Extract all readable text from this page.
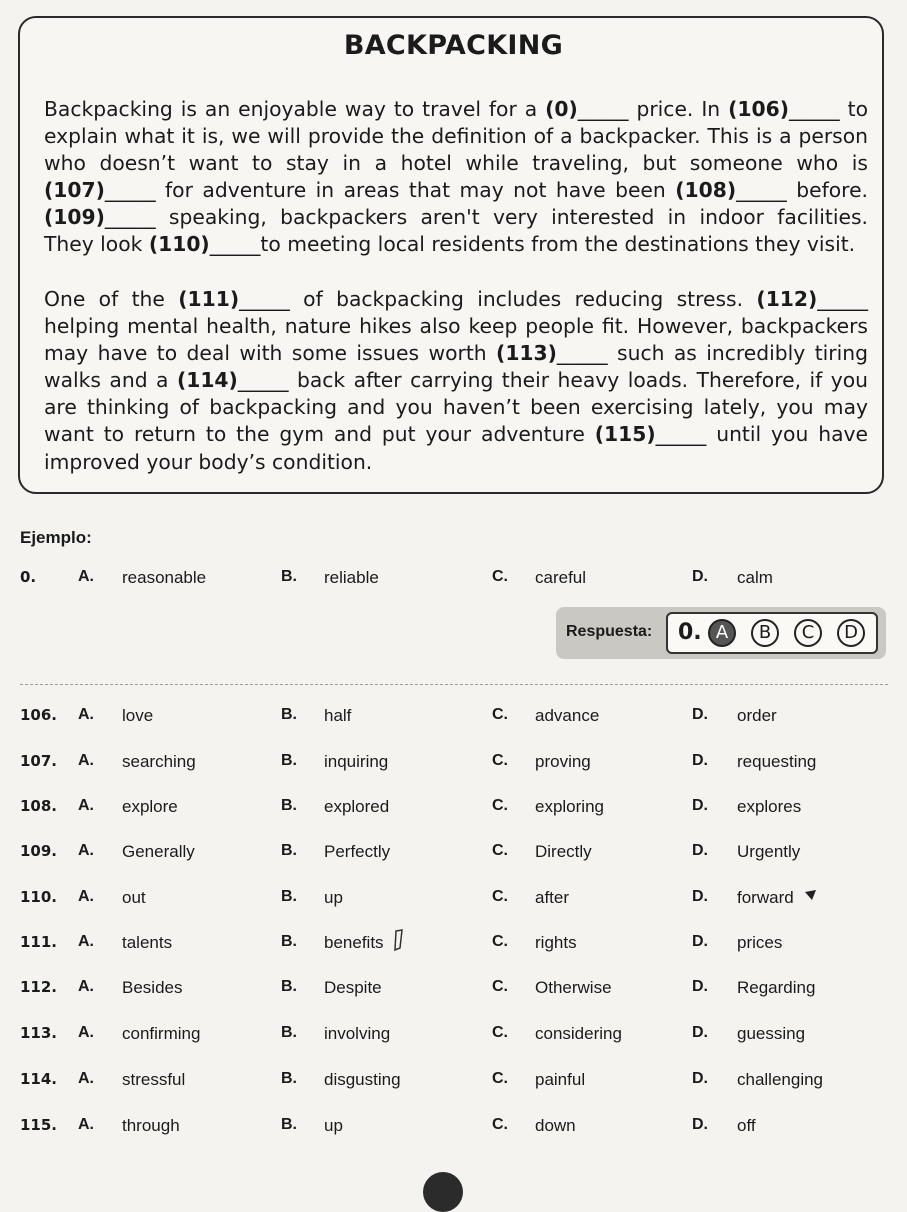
BACKPACKING

Backpacking is an enjoyable way to travel for a (0)_____ price. In (106)_____ to explain what it is, we will provide the definition of a backpacker. This is a person who doesn’t want to stay in a hotel while traveling, but someone who is (107)_____ for adventure in areas that may not have been (108)_____ before. (109)_____ speaking, backpackers aren't very interested in indoor facilities. They look (110)_____to meeting local residents from the destinations they visit.

One of the (111)_____ of backpacking includes reducing stress. (112)_____ helping mental health, nature hikes also keep people fit. However, backpackers may have to deal with some issues worth (113)_____ such as incredibly tiring walks and a (114)_____ back after carrying their heavy loads. Therefore, if you are thinking of backpacking and you haven’t been exercising lately, you may want to return to the gym and put your adventure (115)_____ until you have improved your body’s condition.

Ejemplo:
0.	A. reasonable	B. reliable	C. careful	D. calm
Respuesta: 0. A	B	C	D
106. A. love	B. half	C. advance	D. order
107. A. searching	B. inquiring	C. proving	D. requesting
108. A. explore	B. explored	C. exploring	D. explores
109. A. Generally	B. Perfectly	C. Directly	D. Urgently
110. A. out	B. up	C. after	D. forward
111. A. talents	B. benefits	C. rights	D. prices
112. A. Besides	B. Despite	C. Otherwise	D. Regarding
113. A. confirming	B. involving	C. considering	D. guessing
114. A. stressful	B. disgusting	C. painful	D. challenging
115. A. through	B. up	C. down	D. off
